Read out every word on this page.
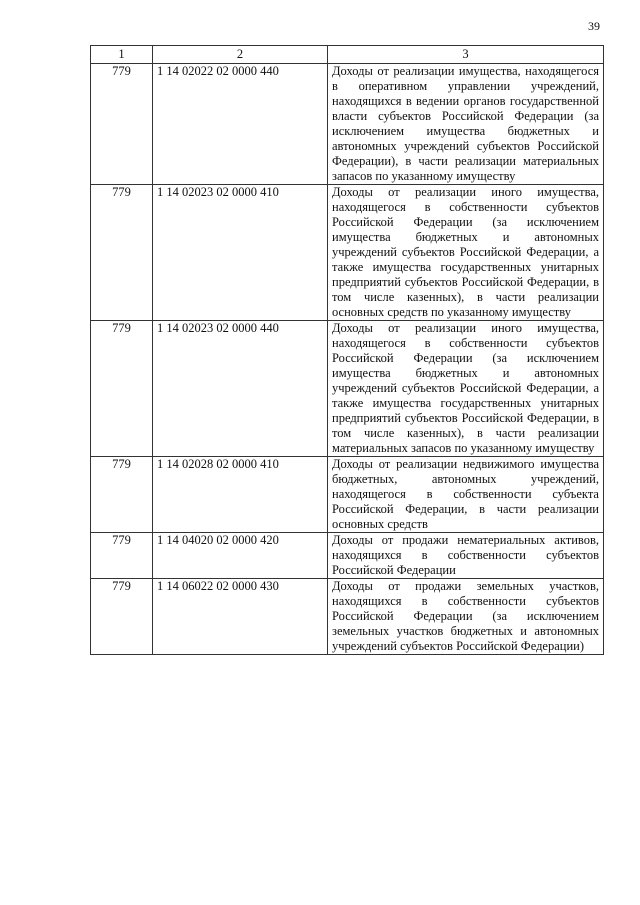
39
1	2	3
779	1 14 02022 02 0000 440	Доходы от реализации имущества, находящегося в оперативном управлении учреждений, находящихся в ведении органов государственной власти субъектов Российской Федерации (за исключением имущества бюджетных и автономных учреждений субъектов Российской Федерации), в части реализации материальных запасов по указанному имуществу
779	1 14 02023 02 0000 410	Доходы от реализации иного имущества, находящегося в собственности субъектов Российской Федерации (за исключением имущества бюджетных и автономных учреждений субъектов Российской Федерации, а также имущества государственных унитарных предприятий субъектов Российской Федерации, в том числе казенных), в части реализации основных средств по указанному имуществу
779	1 14 02023 02 0000 440	Доходы от реализации иного имущества, находящегося в собственности субъектов Российской Федерации (за исключением имущества бюджетных и автономных учреждений субъектов Российской Федерации, а также имущества государственных унитарных предприятий субъектов Российской Федерации, в том числе казенных), в части реализации материальных запасов по указанному имуществу
779	1 14 02028 02 0000 410	Доходы от реализации недвижимого имущества бюджетных, автономных учреждений, находящегося в собственности субъекта Российской Федерации, в части реализации основных средств
779	1 14 04020 02 0000 420	Доходы от продажи нематериальных активов, находящихся в собственности субъектов Российской Федерации
779	1 14 06022 02 0000 430	Доходы от продажи земельных участков, находящихся в собственности субъектов Российской Федерации (за исключением земельных участков бюджетных и автономных учреждений субъектов Российской Федерации)
